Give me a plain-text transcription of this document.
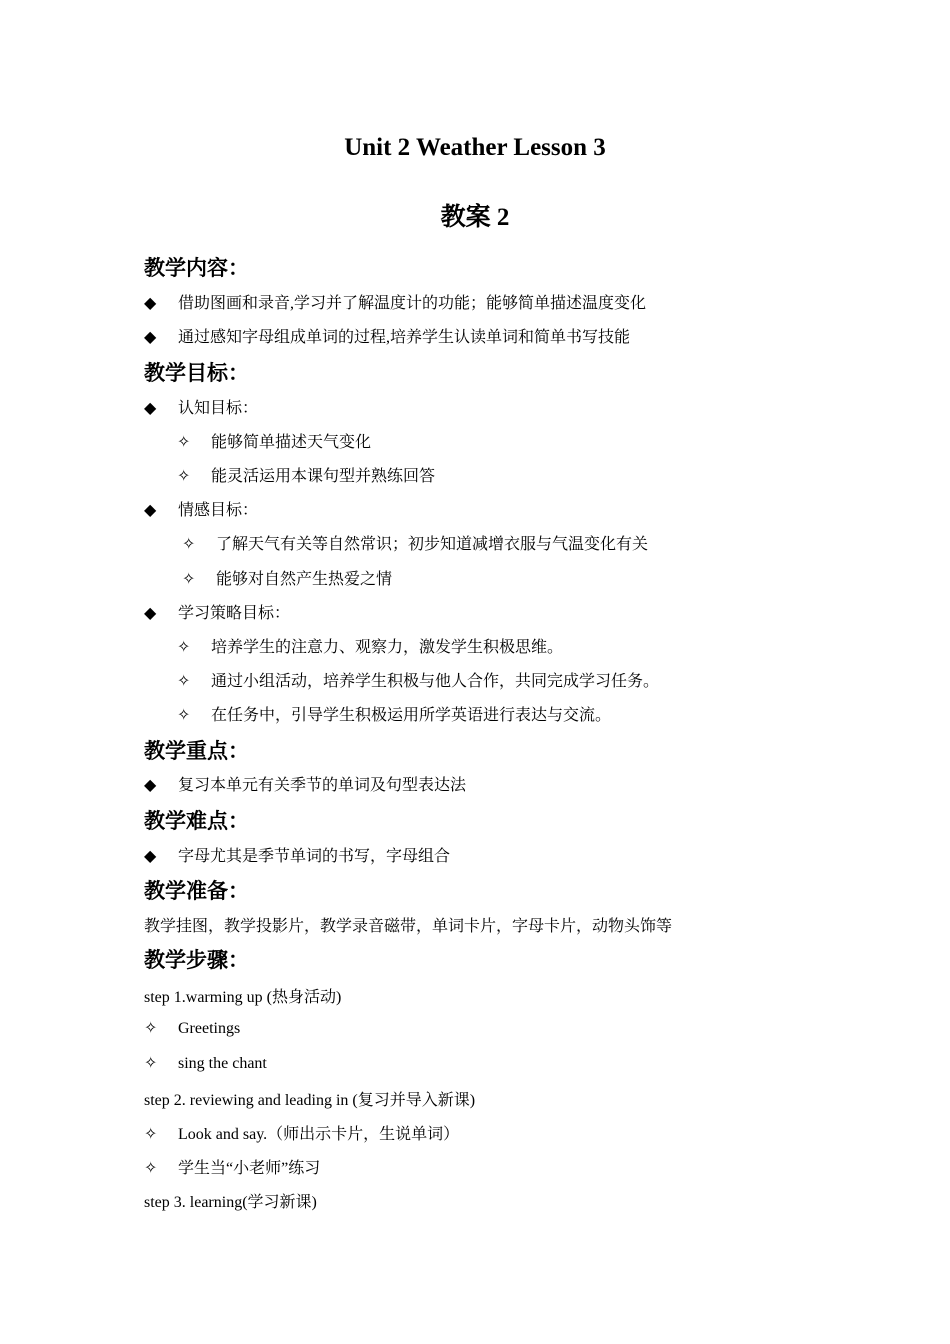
Unit 2 Weather Lesson 3
教案 2
教学内容：
◆ 借助图画和录音,学习并了解温度计的功能；能够简单描述温度变化
◆ 通过感知字母组成单词的过程,培养学生认读单词和简单书写技能
教学目标：
◆ 认知目标：
✧ 能够简单描述天气变化
✧ 能灵活运用本课句型并熟练回答
◆ 情感目标：
✧ 了解天气有关等自然常识；初步知道减增衣服与气温变化有关
✧ 能够对自然产生热爱之情
◆ 学习策略目标：
✧ 培养学生的注意力、观察力，激发学生积极思维。
✧ 通过小组活动，培养学生积极与他人合作，共同完成学习任务。
✧ 在任务中，引导学生积极运用所学英语进行表达与交流。
教学重点：
◆ 复习本单元有关季节的单词及句型表达法
教学难点：
◆ 字母尤其是季节单词的书写，字母组合
教学准备：
教学挂图，教学投影片，教学录音磁带，单词卡片，字母卡片，动物头饰等
教学步骤：
step 1.warming up (热身活动)
✧ Greetings
✧ sing the chant
step 2. reviewing and leading in (复习并导入新课)
✧ Look and say.（师出示卡片，生说单词）
✧ 学生当“小老师”练习
step 3. learning(学习新课)
